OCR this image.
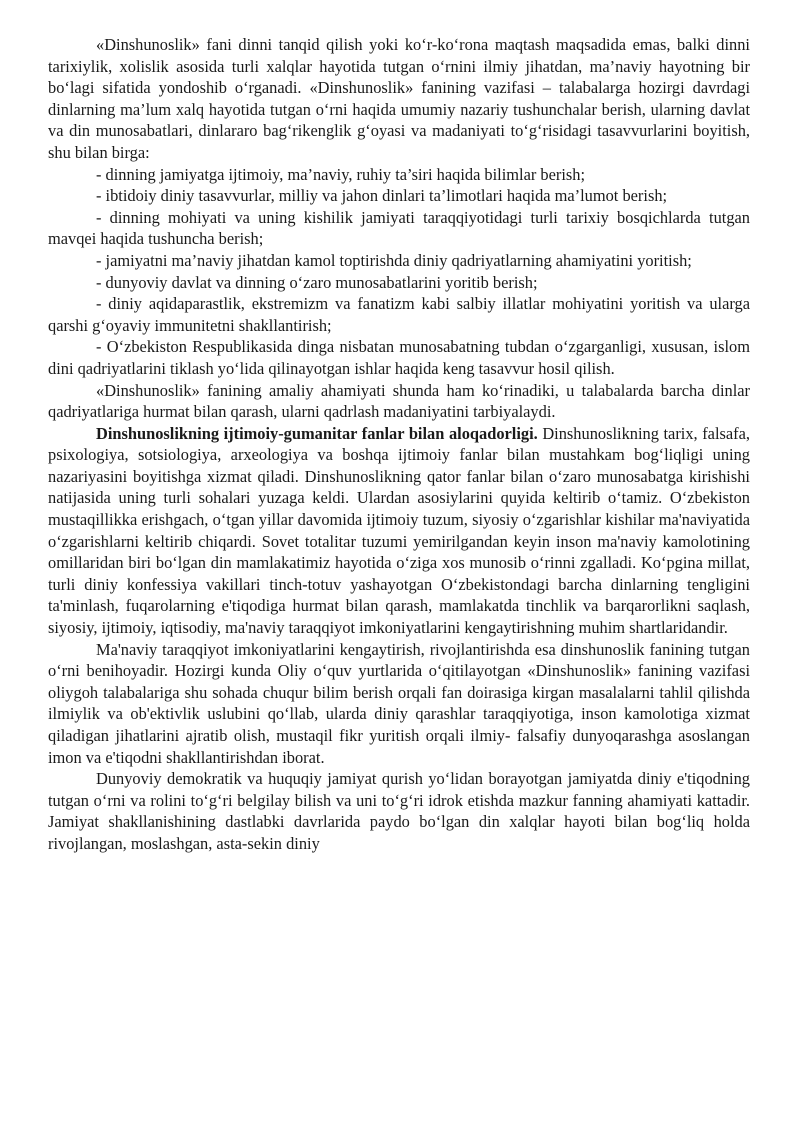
«Dinshunoslik» fani dinni tanqid qilish yoki ko‘r-ko‘rona maqtash maqsadida emas, balki dinni tarixiylik, xolislik asosida turli xalqlar hayotida tutgan o‘rnini ilmiy jihatdan, ma’naviy hayotning bir bo‘lagi sifatida yondoshib o‘rganadi. «Dinshunoslik» fanining vazifasi – talabalarga hozirgi davrdagi dinlarning ma’lum xalq hayotida tutgan o‘rni haqida umumiy nazariy tushunchalar berish, ularning davlat va din munosabatlari, dinlararo bag‘rikenglik g‘oyasi va madaniyati to‘g‘risidagi tasavvurlarini boyitish, shu bilan birga:

- dinning jamiyatga ijtimoiy, ma’naviy, ruhiy ta’siri haqida bilimlar berish;

- ibtidoiy diniy tasavvurlar, milliy va jahon dinlari ta’limotlari haqida ma’lumot berish;

- dinning mohiyati va uning kishilik jamiyati taraqqiyotidagi turli tarixiy bosqichlarda tutgan mavqei haqida tushuncha berish;

- jamiyatni ma’naviy jihatdan kamol toptirishda diniy qadriyatlarning ahamiyatini yoritish;

- dunyoviy davlat va dinning o‘zaro munosabatlarini yoritib berish;

- diniy aqidaparastlik, ekstremizm va fanatizm kabi salbiy illatlar mohiyatini yoritish va ularga qarshi g‘oyaviy immunitetni shakllantirish;

- O‘zbekiston Respublikasida dinga nisbatan munosabatning tubdan o‘zgarganligi, xususan, islom dini qadriyatlarini tiklash yo‘lida qilinayotgan ishlar haqida keng tasavvur hosil qilish.

«Dinshunoslik» fanining amaliy ahamiyati shunda ham ko‘rinadiki, u talabalarda barcha dinlar qadriyatlariga hurmat bilan qarash, ularni qadrlash madaniyatini tarbiyalaydi.

Dinshunoslikning ijtimoiy-gumanitar fanlar bilan aloqadorligi. Dinshunoslikning tarix, falsafa, psixologiya, sotsiologiya, arxeologiya va boshqa ijtimoiy fanlar bilan mustahkam bog‘liqligi uning nazariyasini boyitishga xizmat qiladi. Dinshunoslikning qator fanlar bilan o‘zaro munosabatga kirishishi natijasida uning turli sohalari yuzaga keldi. Ulardan asosiylarini quyida keltirib o‘tamiz. O‘zbekiston mustaqillikka erishgach, o‘tgan yillar davomida ijtimoiy tuzum, siyosiy o‘zgarishlar kishilar ma'naviyatida o‘zgarishlarni keltirib chiqardi. Sovet totalitar tuzumi yemirilgandan keyin inson ma'naviy kamolotining omillaridan biri bo‘lgan din mamlakatimiz hayotida o‘ziga xos munosib o‘rinni zgalladi. Ko‘pgina millat, turli diniy konfessiya vakillari tinch-totuv yashayotgan O‘zbekistondagi barcha dinlarning tengligini ta'minlash, fuqarolarning e'tiqodiga hurmat bilan qarash, mamlakatda tinchlik va barqarorlikni saqlash, siyosiy, ijtimoiy, iqtisodiy, ma'naviy taraqqiyot imkoniyatlarini kengaytirishning muhim shartlaridandir.

Ma'naviy taraqqiyot imkoniyatlarini kengaytirish, rivojlantirishda esa dinshunoslik fanining tutgan o‘rni benihoyadir. Hozirgi kunda Oliy o‘quv yurtlarida o‘qitilayotgan «Dinshunoslik» fanining vazifasi oliygoh talabalariga shu sohada chuqur bilim berish orqali fan doirasiga kirgan masalalarni tahlil qilishda ilmiylik va ob'ektivlik uslubini qo‘llab, ularda diniy qarashlar taraqqiyotiga, inson kamolotiga xizmat qiladigan jihatlarini ajratib olish, mustaqil fikr yuritish orqali ilmiy- falsafiy dunyoqarashga asoslangan imon va e'tiqodni shakllantirishdan iborat.

Dunyoviy demokratik va huquqiy jamiyat qurish yo‘lidan borayotgan jamiyatda diniy e'tiqodning tutgan o‘rni va rolini to‘g‘ri belgilay bilish va uni to‘g‘ri idrok etishda mazkur fanning ahamiyati kattadir. Jamiyat shakllanishining dastlabki davrlarida paydo bo‘lgan din xalqlar hayoti bilan bog‘liq holda rivojlangan, moslashgan, asta-sekin diniy
